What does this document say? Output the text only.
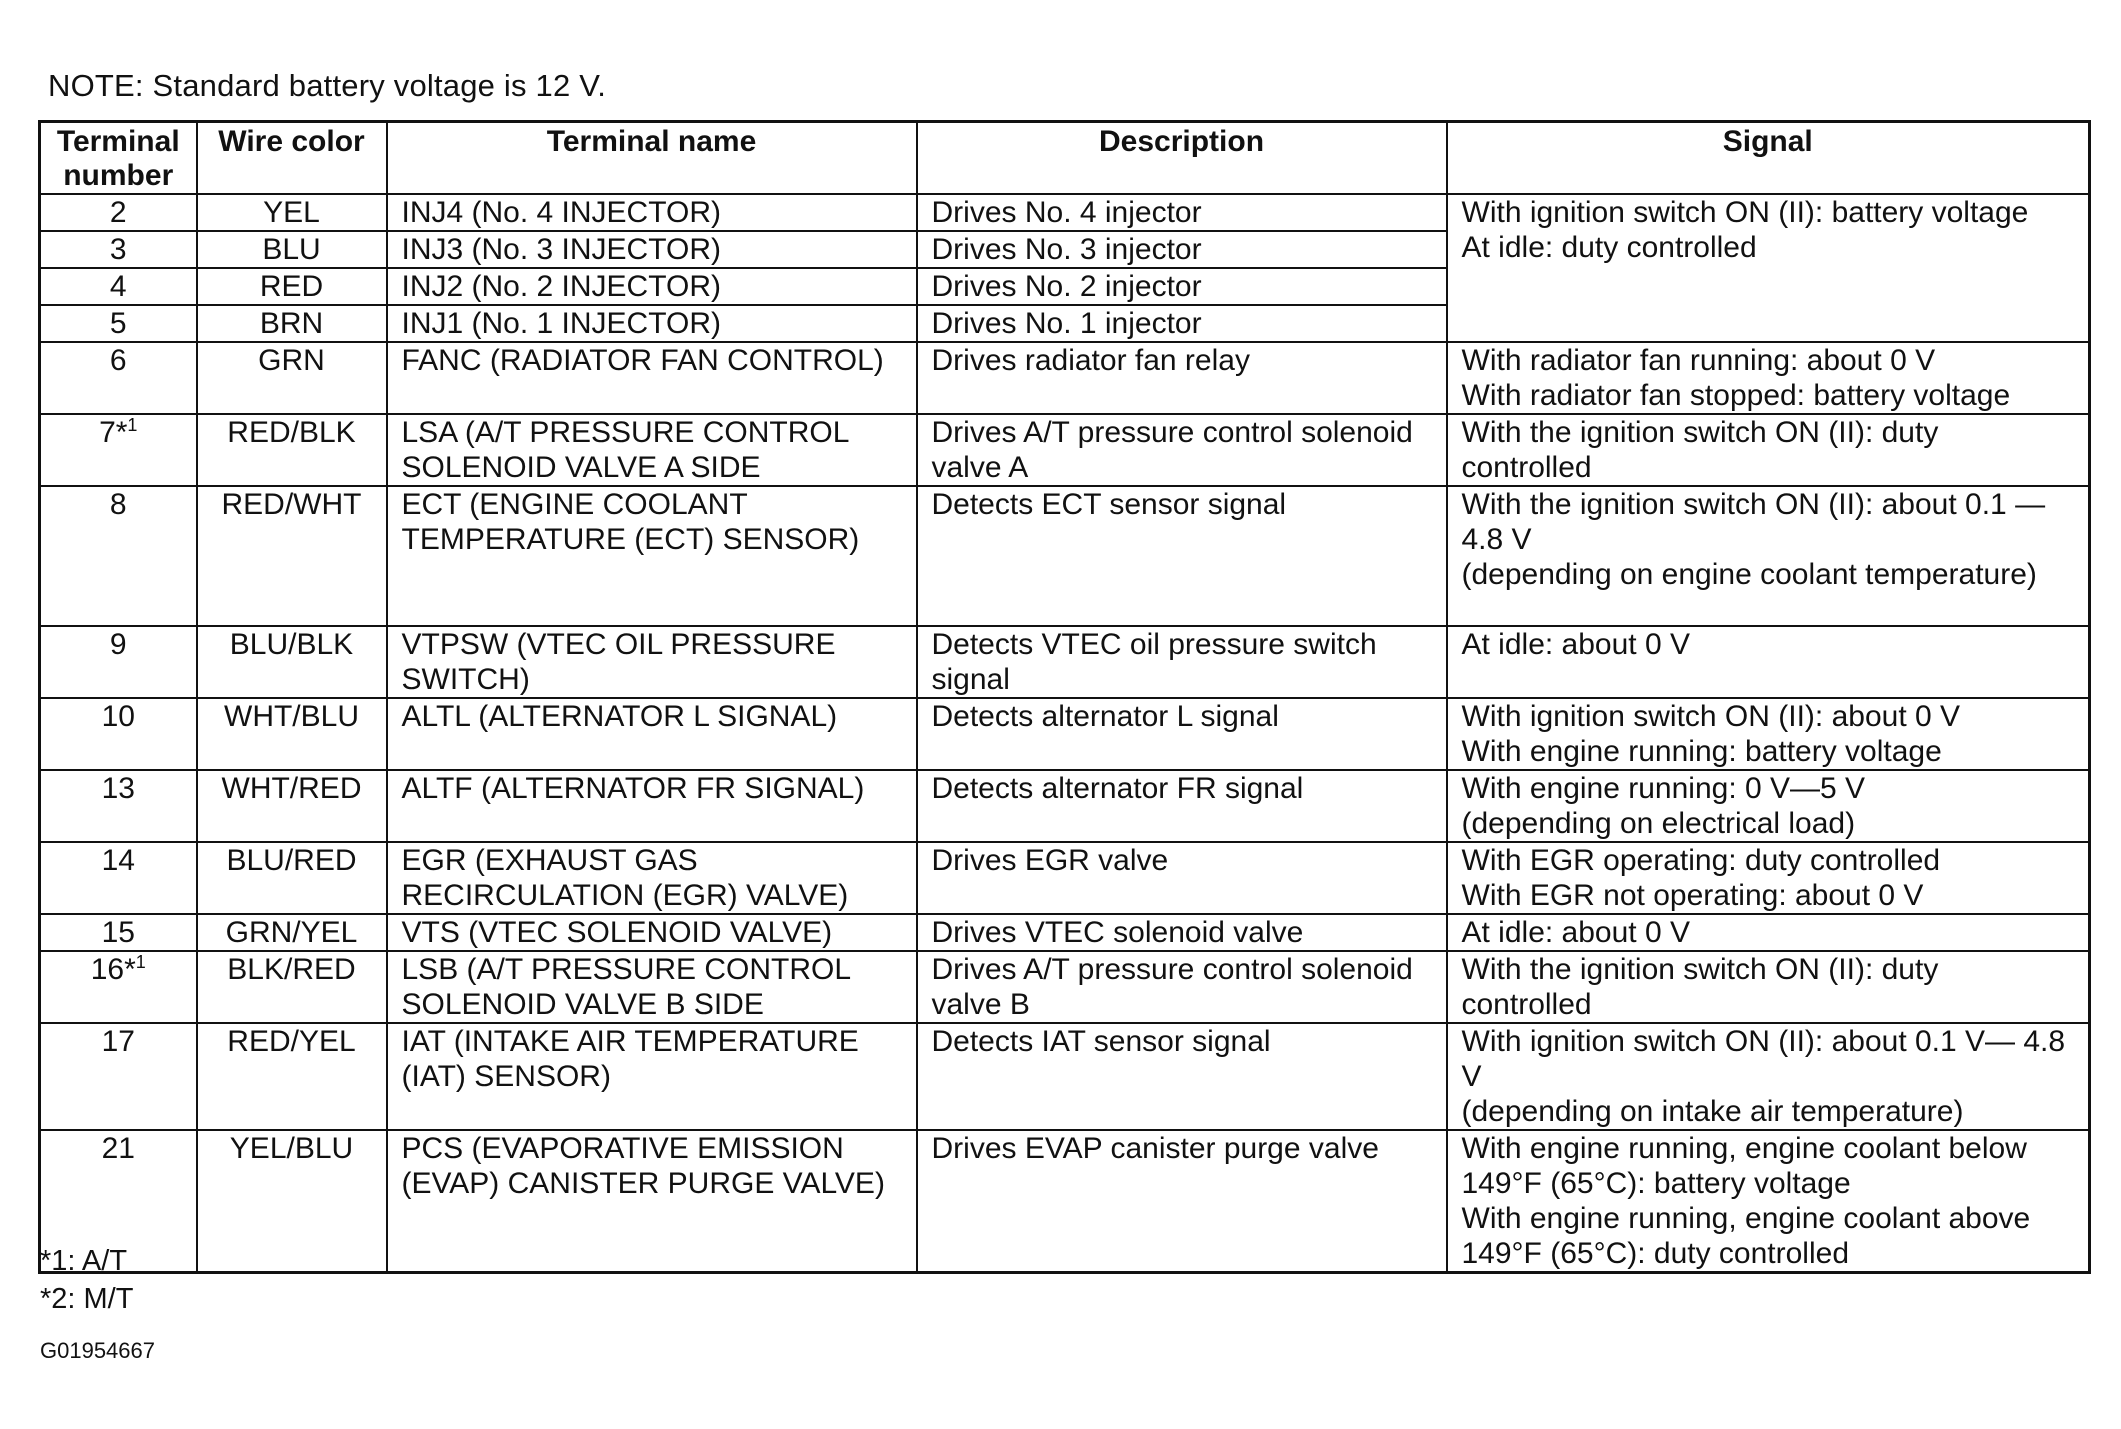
NOTE: Standard battery voltage is 12 V.
Terminal number	Wire color	Terminal name	Description	Signal
2	YEL	INJ4 (No. 4 INJECTOR)	Drives No. 4 injector	With ignition switch ON (II): battery voltage
At idle: duty controlled
3	BLU	INJ3 (No. 3 INJECTOR)	Drives No. 3 injector	
4	RED	INJ2 (No. 2 INJECTOR)	Drives No. 2 injector	
5	BRN	INJ1 (No. 1 INJECTOR)	Drives No. 1 injector	
6	GRN	FANC (RADIATOR FAN CONTROL)	Drives radiator fan relay	With radiator fan running: about 0 V
With radiator fan stopped: battery voltage
7*$^1$	RED/BLK	LSA (A/T PRESSURE CONTROL SOLENOID VALVE A SIDE	Drives A/T pressure control solenoid valve A	With the ignition switch ON (II): duty controlled
8	RED/WHT	ECT (ENGINE COOLANT TEMPERATURE (ECT) SENSOR)	Detects ECT sensor signal	With the ignition switch ON (II): about 0.1 — 4.8 V
(depending on engine coolant temperature)
9	BLU/BLK	VTPSW (VTEC OIL PRESSURE SWITCH)	Detects VTEC oil pressure switch signal	At idle: about 0 V
10	WHT/BLU	ALTL (ALTERNATOR L SIGNAL)	Detects alternator L signal	With ignition switch ON (II): about 0 V
With engine running: battery voltage
13	WHT/RED	ALTF (ALTERNATOR FR SIGNAL)	Detects alternator FR signal	With engine running: 0 V—5 V
(depending on electrical load)
14	BLU/RED	EGR (EXHAUST GAS RECIRCULATION (EGR) VALVE)	Drives EGR valve	With EGR operating: duty controlled
With EGR not operating: about 0 V
15	GRN/YEL	VTS (VTEC SOLENOID VALVE)	Drives VTEC solenoid valve	At idle: about 0 V
16*$^1$	BLK/RED	LSB (A/T PRESSURE CONTROL SOLENOID VALVE B SIDE	Drives A/T pressure control solenoid valve B	With the ignition switch ON (II): duty controlled
17	RED/YEL	IAT (INTAKE AIR TEMPERATURE (IAT) SENSOR)	Detects IAT sensor signal	With ignition switch ON (II): about 0.1 V— 4.8 V
(depending on intake air temperature)
21	YEL/BLU	PCS (EVAPORATIVE EMISSION (EVAP) CANISTER PURGE VALVE)	Drives EVAP canister purge valve	With engine running, engine coolant below 149°F (65°C): battery voltage
With engine running, engine coolant above 149°F (65°C): duty controlled
*1: A/T
*2: M/T
G01954667
